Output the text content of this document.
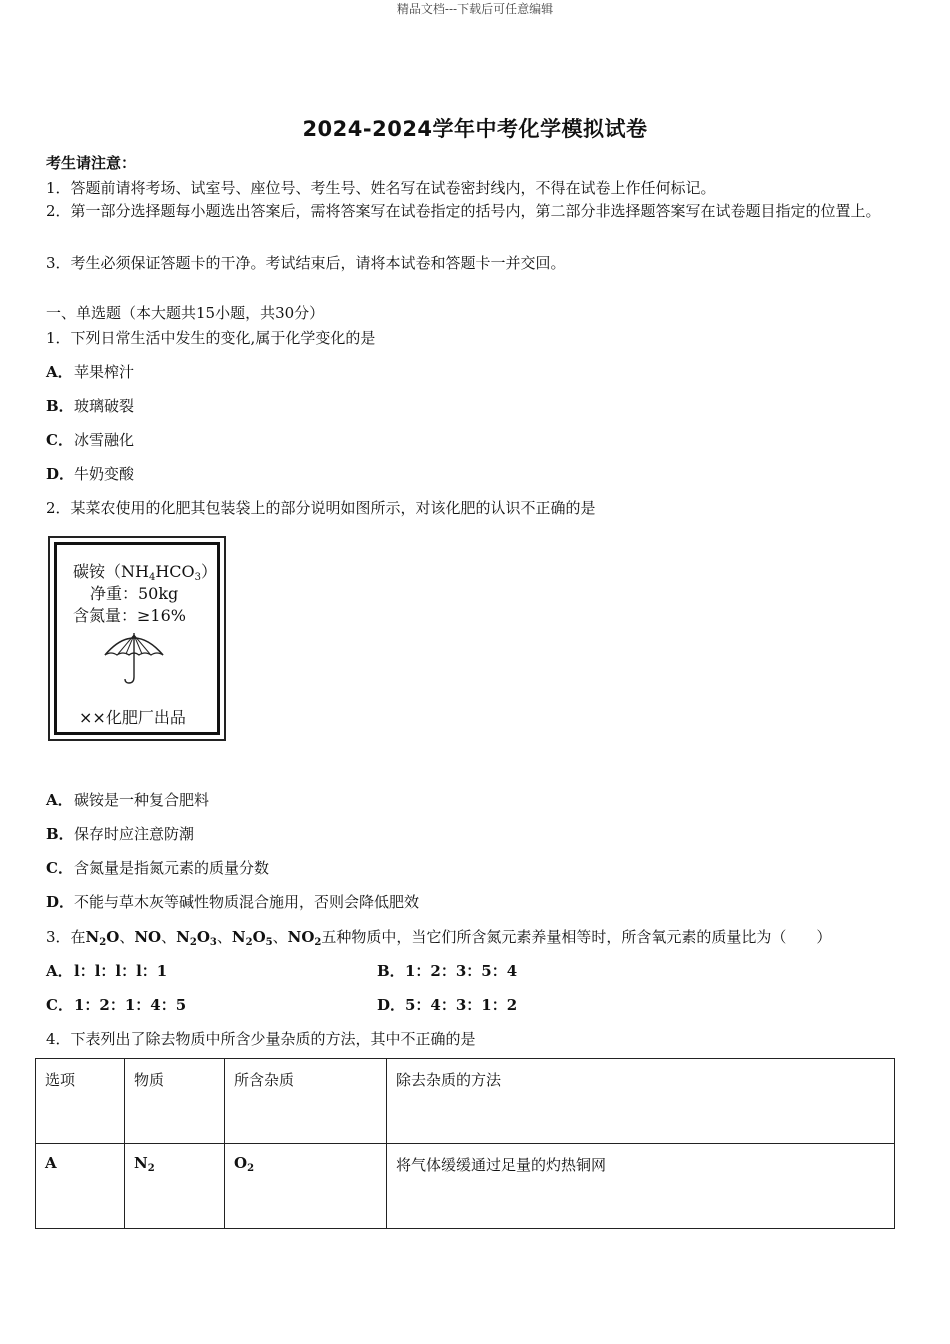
精品文档---下载后可任意编辑
2024-2024学年中考化学模拟试卷
考生请注意：
1．答题前请将考场、试室号、座位号、考生号、姓名写在试卷密封线内，不得在试卷上作任何标记。
2．第一部分选择题每小题选出答案后，需将答案写在试卷指定的括号内，第二部分非选择题答案写在试卷题目指定的位置上。
3．考生必须保证答题卡的干净。考试结束后，请将本试卷和答题卡一并交回。
一、单选题（本大题共15小题，共30分）
1．下列日常生活中发生的变化,属于化学变化的是
A．苹果榨汁
B．玻璃破裂
C．冰雪融化
D．牛奶变酸
2．某菜农使用的化肥其包装袋上的部分说明如图所示，对该化肥的认识不正确的是
碳铵$(NH_4HCO_3)$
净重：50kg
含氮量：≥16%
××化肥厂出品
A．碳铵是一种复合肥料
B．保存时应注意防潮
C．含氮量是指氮元素的质量分数
D．不能与草木灰等碱性物质混合施用，否则会降低肥效
3．在$N_2O$、NO、$N_2O_3$、$N_2O_5$、$NO_2$五种物质中，当它们所含氮元素养量相等时，所含氧元素的质量比为（　　）
A．l：l：l：l：1	B．1：2：3：5：4
C．1：2：1：4：5	D．5：4：3：1：2
4．下表列出了除去物质中所含少量杂质的方法，其中不正确的是
选项	物质	所含杂质	除去杂质的方法
A	$N_2$	$O_2$	将气体缓缓通过足量的灼热铜网
